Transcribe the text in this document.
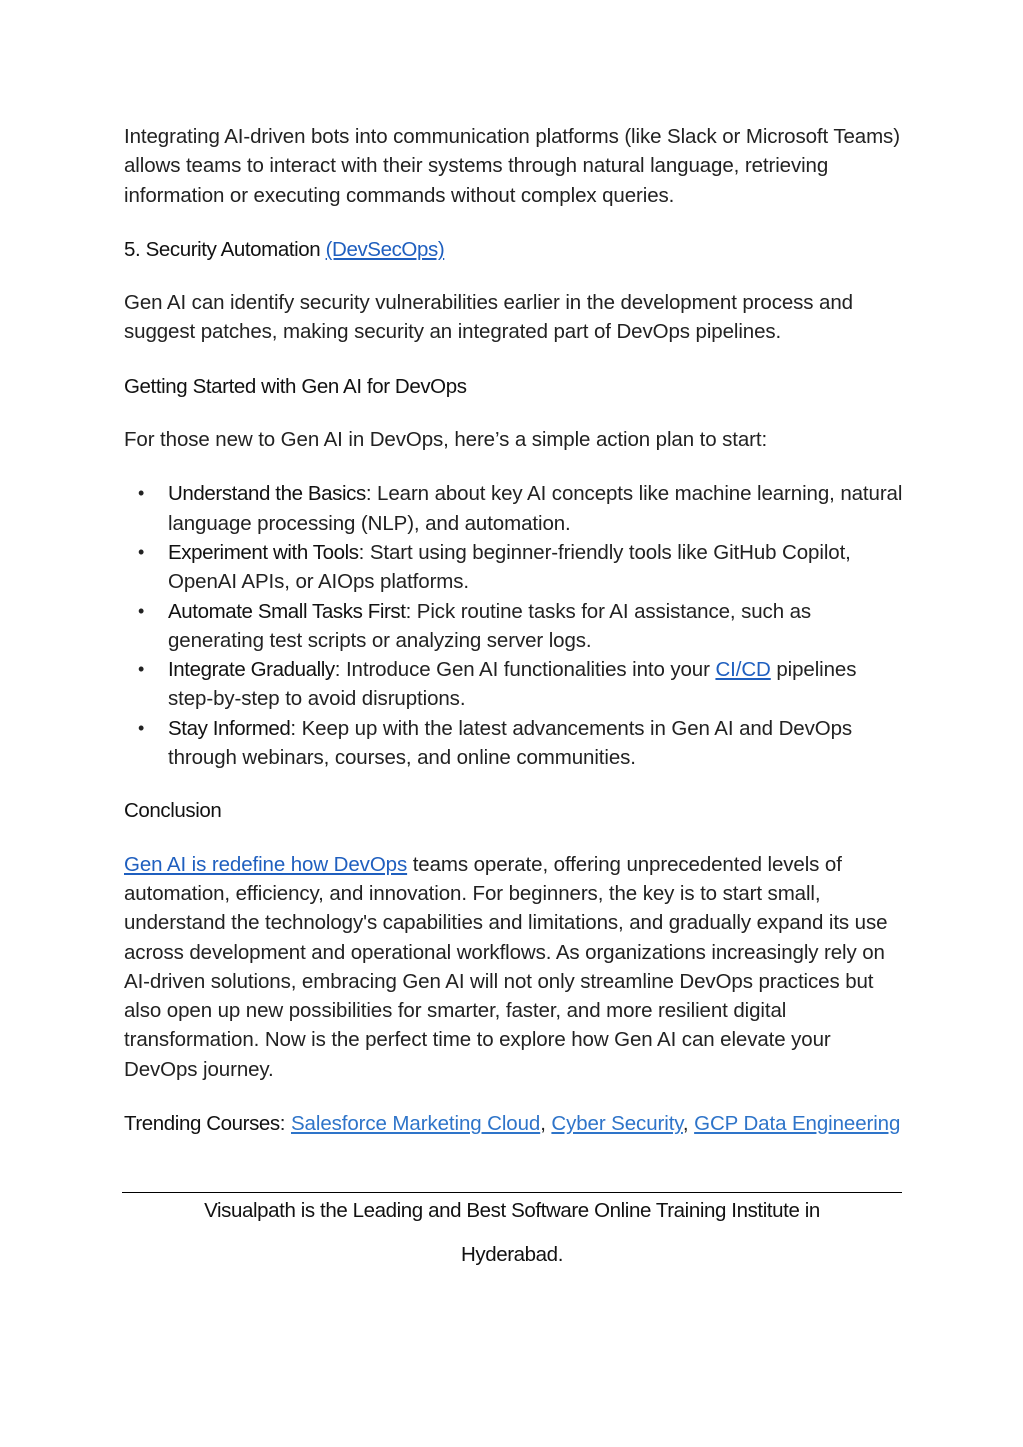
Integrating AI-driven bots into communication platforms (like Slack or Microsoft Teams) allows teams to interact with their systems through natural language, retrieving information or executing commands without complex queries.

5. Security Automation (DevSecOps)

Gen AI can identify security vulnerabilities earlier in the development process and suggest patches, making security an integrated part of DevOps pipelines.

Getting Started with Gen AI for DevOps

For those new to Gen AI in DevOps, here’s a simple action plan to start:

• Understand the Basics: Learn about key AI concepts like machine learning, natural language processing (NLP), and automation.
• Experiment with Tools: Start using beginner-friendly tools like GitHub Copilot, OpenAI APIs, or AIOps platforms.
• Automate Small Tasks First: Pick routine tasks for AI assistance, such as generating test scripts or analyzing server logs.
• Integrate Gradually: Introduce Gen AI functionalities into your CI/CD pipelines step-by-step to avoid disruptions.
• Stay Informed: Keep up with the latest advancements in Gen AI and DevOps through webinars, courses, and online communities.

Conclusion

Gen AI is redefine how DevOps teams operate, offering unprecedented levels of automation, efficiency, and innovation. For beginners, the key is to start small, understand the technology's capabilities and limitations, and gradually expand its use across development and operational workflows. As organizations increasingly rely on AI-driven solutions, embracing Gen AI will not only streamline DevOps practices but also open up new possibilities for smarter, faster, and more resilient digital transformation. Now is the perfect time to explore how Gen AI can elevate your DevOps journey.

Trending Courses: Salesforce Marketing Cloud, Cyber Security, GCP Data Engineering

Visualpath is the Leading and Best Software Online Training Institute in
Hyderabad.
